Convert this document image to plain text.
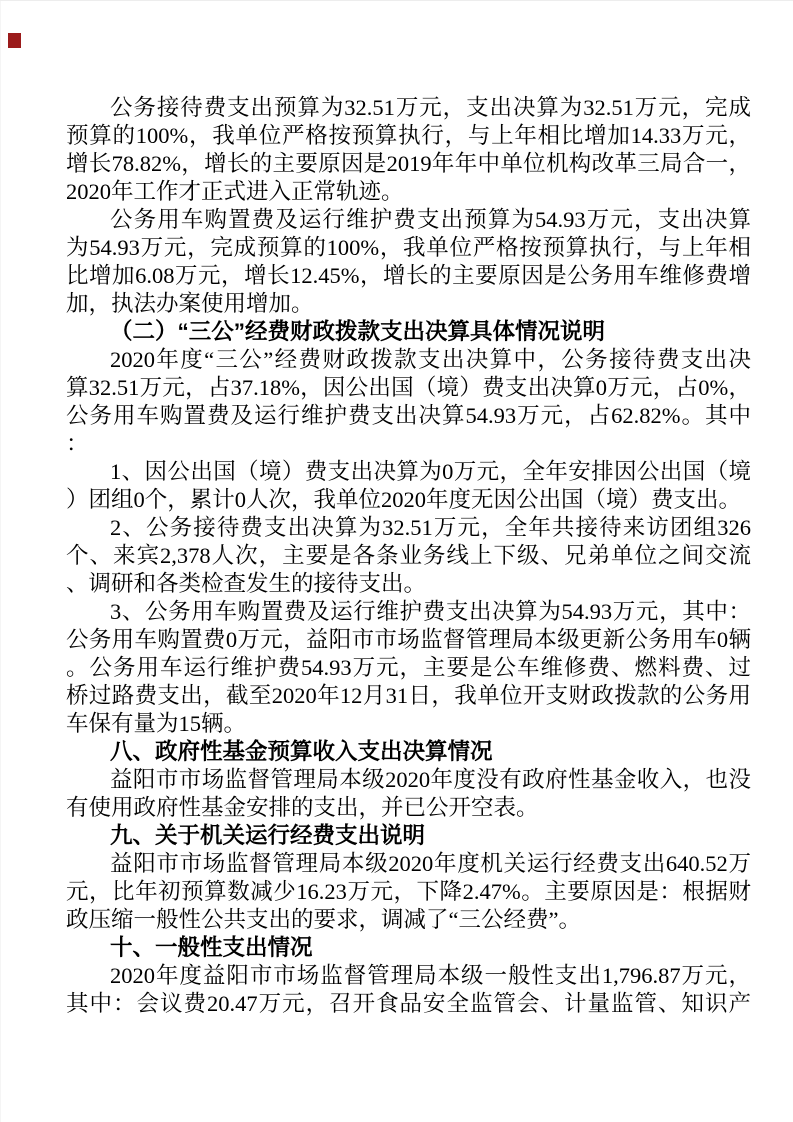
公务接待费支出预算为32.51万元，支出决算为32.51万元，完成
预算的100%，我单位严格按预算执行，与上年相比增加14.33万元，
增长78.82%，增长的主要原因是2019年年中单位机构改革三局合一，
2020年工作才正式进入正常轨迹。
公务用车购置费及运行维护费支出预算为54.93万元，支出决算
为54.93万元，完成预算的100%，我单位严格按预算执行，与上年相
比增加6.08万元，增长12.45%，增长的主要原因是公务用车维修费增
加，执法办案使用增加。
（二）“三公”经费财政拨款支出决算具体情况说明
2020年度“三公”经费财政拨款支出决算中，公务接待费支出决
算32.51万元，占37.18%，因公出国（境）费支出决算0万元，占0%，
公务用车购置费及运行维护费支出决算54.93万元，占62.82%。其中
：
1、因公出国（境）费支出决算为0万元，全年安排因公出国（境
）团组0个，累计0人次，我单位2020年度无因公出国（境）费支出。
2、公务接待费支出决算为32.51万元，全年共接待来访团组326
个、来宾2,378人次，主要是各条业务线上下级、兄弟单位之间交流
、调研和各类检查发生的接待支出。
3、公务用车购置费及运行维护费支出决算为54.93万元，其中：
公务用车购置费0万元，益阳市市场监督管理局本级更新公务用车0辆
。公务用车运行维护费54.93万元，主要是公车维修费、燃料费、过
桥过路费支出，截至2020年12月31日，我单位开支财政拨款的公务用
车保有量为15辆。
八、政府性基金预算收入支出决算情况
益阳市市场监督管理局本级2020年度没有政府性基金收入，也没
有使用政府性基金安排的支出，并已公开空表。
九、关于机关运行经费支出说明
益阳市市场监督管理局本级2020年度机关运行经费支出640.52万
元，比年初预算数减少16.23万元，下降2.47%。主要原因是：根据财
政压缩一般性公共支出的要求，调减了“三公经费”。
十、一般性支出情况
2020年度益阳市市场监督管理局本级一般性支出1,796.87万元，
其中：会议费20.47万元，召开食品安全监管会、计量监管、知识产
